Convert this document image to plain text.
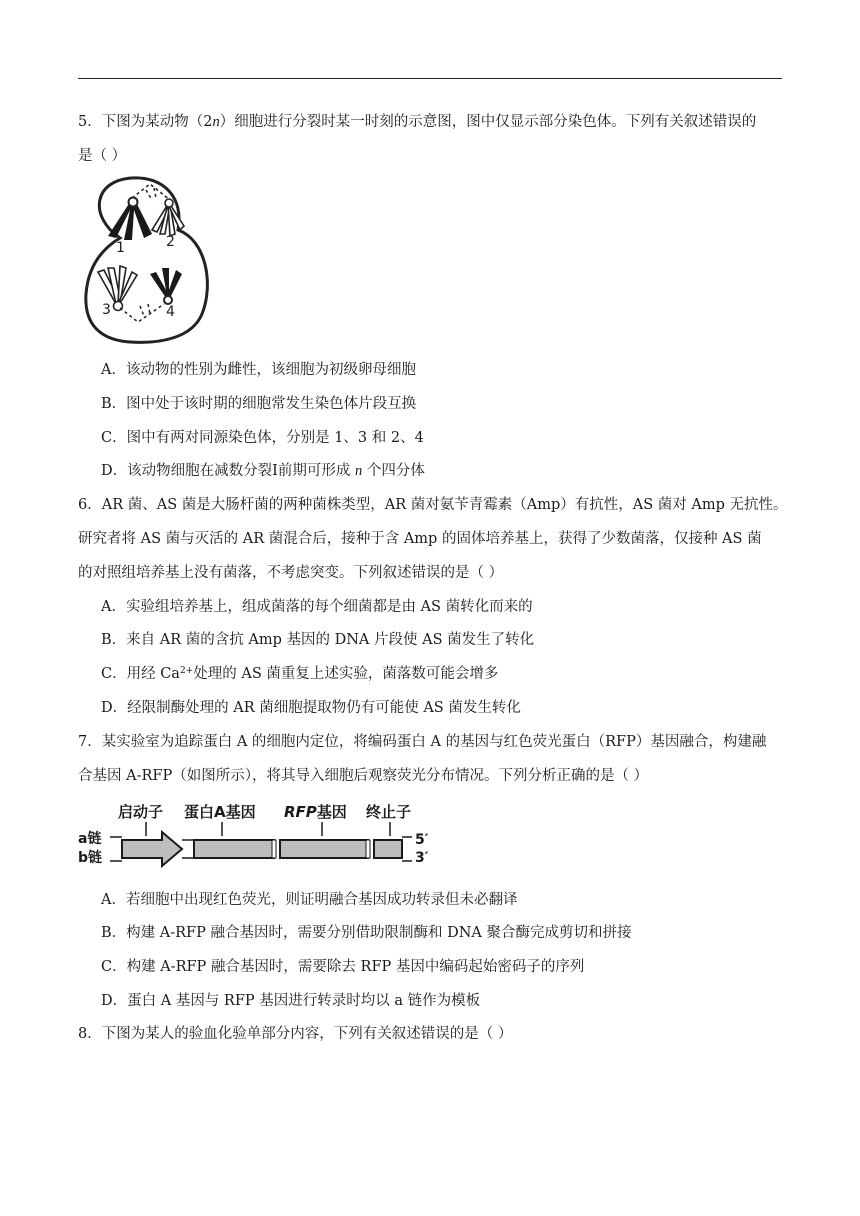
5．下图为某动物（2n）细胞进行分裂时某一时刻的示意图，图中仅显示部分染色体。下列有关叙述错误的
是（ ）
1	2
3	4
A．该动物的性别为雌性，该细胞为初级卵母细胞
B．图中处于该时期的细胞常发生染色体片段互换
C．图中有两对同源染色体，分别是 1、3 和 2、4
D．该动物细胞在减数分裂Ⅰ前期可形成 n 个四分体
6．AR 菌、AS 菌是大肠杆菌的两种菌株类型，AR 菌对氨苄青霉素（Amp）有抗性，AS 菌对 Amp 无抗性。
研究者将 AS 菌与灭活的 AR 菌混合后，接种于含 Amp 的固体培养基上，获得了少数菌落，仅接种 AS 菌
的对照组培养基上没有菌落，不考虑突变。下列叙述错误的是（ ）
A．实验组培养基上，组成菌落的每个细菌都是由 AS 菌转化而来的
B．来自 AR 菌的含抗 Amp 基因的 DNA 片段使 AS 菌发生了转化
C．用经 $Ca^{2+}$处理的 AS 菌重复上述实验，菌落数可能会增多
D．经限制酶处理的 AR 菌细胞提取物仍有可能使 AS 菌发生转化
7．某实验室为追踪蛋白 A 的细胞内定位，将编码蛋白 A 的基因与红色荧光蛋白（RFP）基因融合，构建融
合基因 A-RFP（如图所示），将其导入细胞后观察荧光分布情况。下列分析正确的是（ ）
启动子 蛋白A基因 RFP基因 终止子
a链
b链
5′
3′
A．若细胞中出现红色荧光，则证明融合基因成功转录但未必翻译
B．构建 A-RFP 融合基因时，需要分别借助限制酶和 DNA 聚合酶完成剪切和拼接
C．构建 A-RFP 融合基因时，需要除去 RFP 基因中编码起始密码子的序列
D．蛋白 A 基因与 RFP 基因进行转录时均以 a 链作为模板
8．下图为某人的验血化验单部分内容，下列有关叙述错误的是（ ）
